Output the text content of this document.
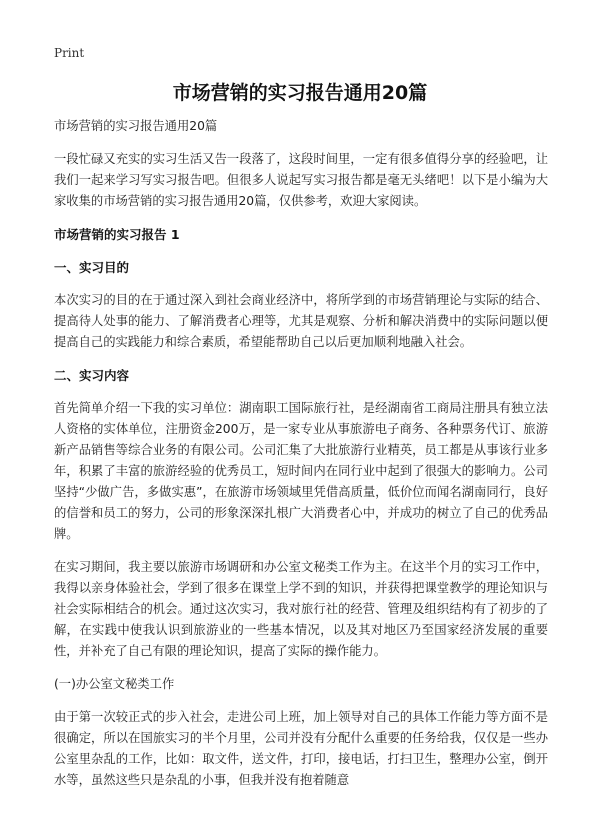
Print
市场营销的实习报告通用20篇

市场营销的实习报告通用20篇

一段忙碌又充实的实习生活又告一段落了，这段时间里，一定有很多值得分享的经验吧，让我们一起来学习写实习报告吧。但很多人说起写实习报告都是毫无头绪吧！以下是小编为大家收集的市场营销的实习报告通用20篇，仅供参考，欢迎大家阅读。

市场营销的实习报告 1

一、实习目的

本次实习的目的在于通过深入到社会商业经济中，将所学到的市场营销理论与实际的结合、提高待人处事的能力、了解消费者心理等，尤其是观察、分析和解决消费中的实际问题以便提高自己的实践能力和综合素质，希望能帮助自己以后更加顺利地融入社会。

二、实习内容

首先简单介绍一下我的实习单位：湖南职工国际旅行社，是经湖南省工商局注册具有独立法人资格的实体单位，注册资金200万，是一家专业从事旅游电子商务、各种票务代订、旅游新产品销售等综合业务的有限公司。公司汇集了大批旅游行业精英，员工都是从事该行业多年，积累了丰富的旅游经验的优秀员工，短时间内在同行业中起到了很强大的影响力。公司坚持“少做广告，多做实惠”，在旅游市场领域里凭借高质量，低价位而闻名湖南同行，良好的信誉和员工的努力，公司的形象深深扎根广大消费者心中，并成功的树立了自己的优秀品牌。

在实习期间，我主要以旅游市场调研和办公室文秘类工作为主。在这半个月的实习工作中，我得以亲身体验社会，学到了很多在课堂上学不到的知识，并获得把课堂教学的理论知识与社会实际相结合的机会。通过这次实习，我对旅行社的经营、管理及组织结构有了初步的了解，在实践中使我认识到旅游业的一些基本情况，以及其对地区乃至国家经济发展的重要性，并补充了自己有限的理论知识，提高了实际的操作能力。

(一)办公室文秘类工作

由于第一次较正式的步入社会，走进公司上班，加上领导对自己的具体工作能力等方面不是很确定，所以在国旅实习的半个月里，公司并没有分配什么重要的任务给我，仅仅是一些办公室里杂乱的工作，比如：取文件，送文件，打印，接电话，打扫卫生，整理办公室，倒开水等，虽然这些只是杂乱的小事，但我并没有抱着随意
